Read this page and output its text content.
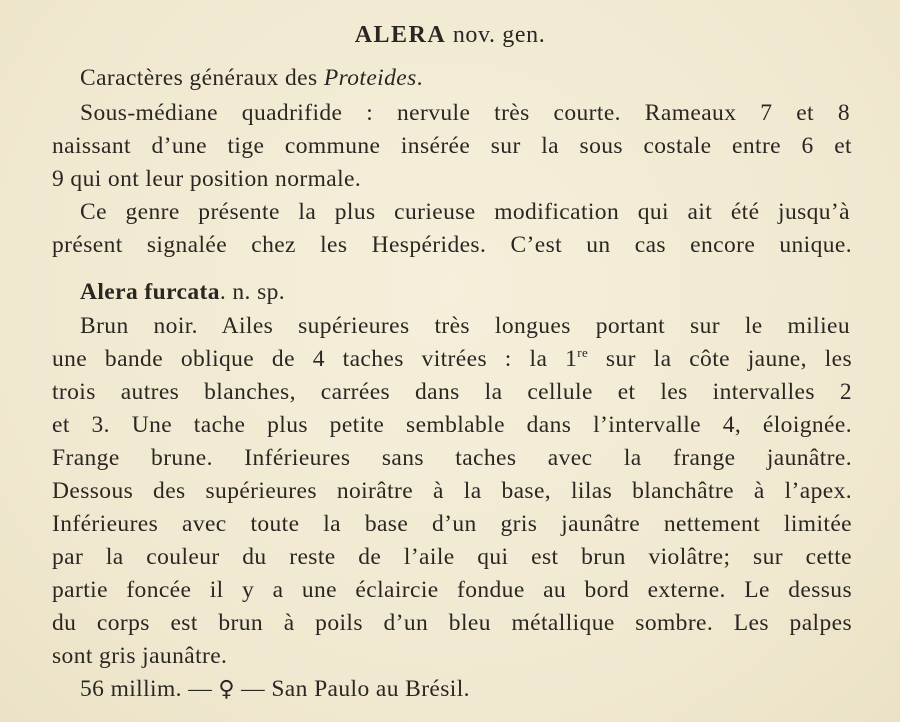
ALERA nov. gen.
Caractères généraux des Proteides.
Sous-médiane quadrifide : nervule très courte. Rameaux 7 et 8
naissant d’une tige commune insérée sur la sous costale entre 6 et
9 qui ont leur position normale.
Ce genre présente la plus curieuse modification qui ait été jusqu’à
présent signalée chez les Hespérides. C’est un cas encore unique.
Alera furcata. n. sp.
Brun noir. Ailes supérieures très longues portant sur le milieu
une bande oblique de 4 taches vitrées : la 1re sur la côte jaune, les
trois autres blanches, carrées dans la cellule et les intervalles 2
et 3. Une tache plus petite semblable dans l’intervalle 4, éloignée.
Frange brune. Inférieures sans taches avec la frange jaunâtre.
Dessous des supérieures noirâtre à la base, lilas blanchâtre à l’apex.
Inférieures avec toute la base d’un gris jaunâtre nettement limitée
par la couleur du reste de l’aile qui est brun violâtre; sur cette
partie foncée il y a une éclaircie fondue au bord externe. Le dessus
du corps est brun à poils d’un bleu métallique sombre. Les palpes
sont gris jaunâtre.
56 millim. — ♀ — San Paulo au Brésil.
